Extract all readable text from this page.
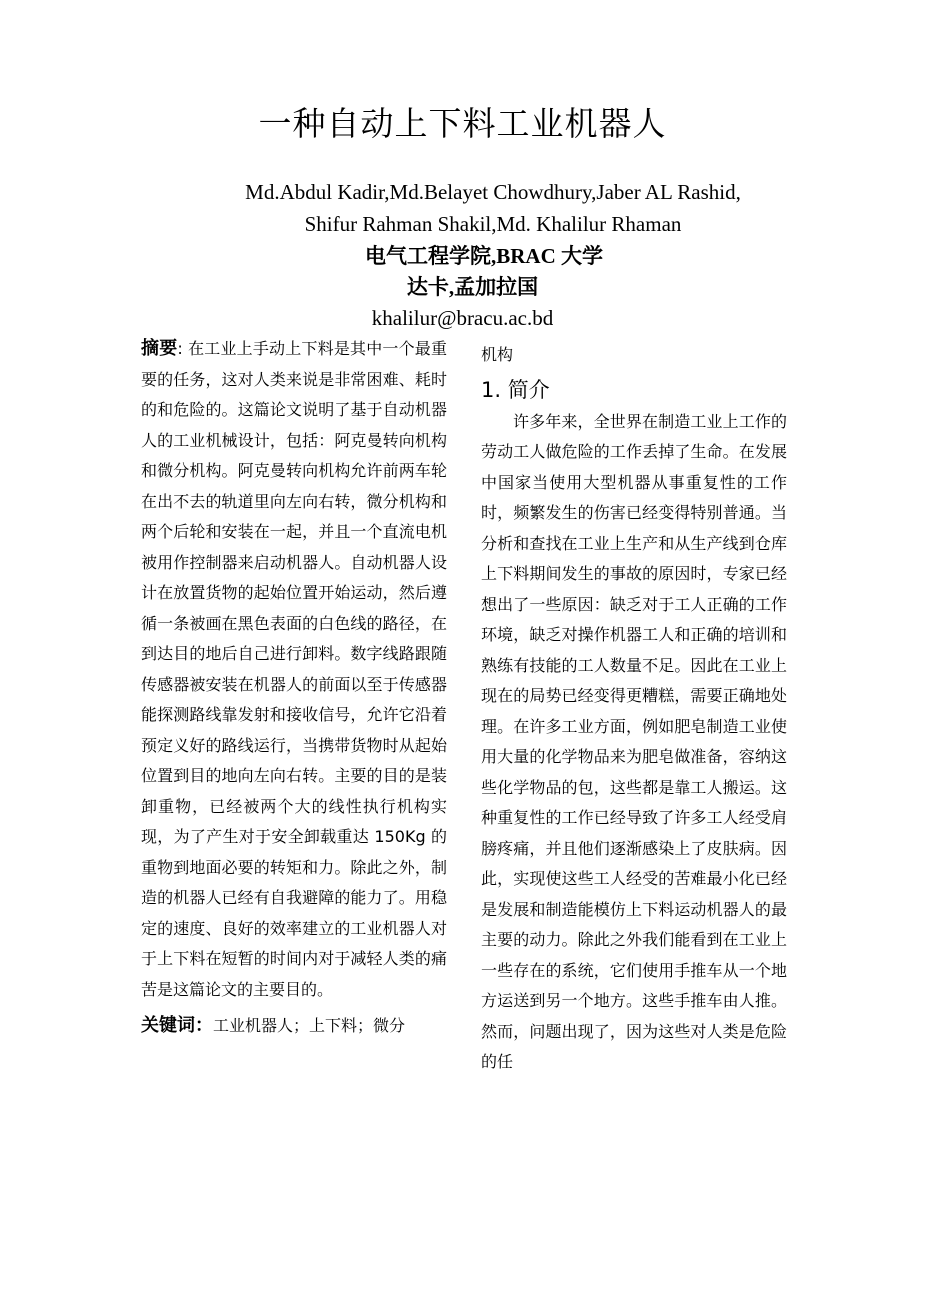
一种自动上下料工业机器人
Md.Abdul Kadir,Md.Belayet Chowdhury,Jaber AL Rashid,
Shifur Rahman Shakil,Md. Khalilur Rhaman
电气工程学院,BRAC 大学
达卡,孟加拉国
khalilur@bracu.ac.bd

摘要: 在工业上手动上下料是其中一个最重要的任务，这对人类来说是非常困难、耗时的和危险的。这篇论文说明了基于自动机器人的工业机械设计，包括：阿克曼转向机构和微分机构。阿克曼转向机构允许前两车轮在出不去的轨道里向左向右转，微分机构和两个后轮和安装在一起，并且一个直流电机被用作控制器来启动机器人。自动机器人设计在放置货物的起始位置开始运动，然后遵循一条被画在黑色表面的白色线的路径，在到达目的地后自己进行卸料。数字线路跟随传感器被安装在机器人的前面以至于传感器能探测路线靠发射和接收信号，允许它沿着预定义好的路线运行，当携带货物时从起始位置到目的地向左向右转。主要的目的是装卸重物，已经被两个大的线性执行机构实现，为了产生对于安全卸载重达 150Kg 的重物到地面必要的转矩和力。除此之外，制造的机器人已经有自我避障的能力了。用稳定的速度、良好的效率建立的工业机器人对于上下料在短暂的时间内对于减轻人类的痛苦是这篇论文的主要目的。

关键词：工业机器人；上下料；微分

机构

1. 简介

许多年来，全世界在制造工业上工作的劳动工人做危险的工作丢掉了生命。在发展中国家当使用大型机器从事重复性的工作时，频繁发生的伤害已经变得特别普通。当分析和查找在工业上生产和从生产线到仓库上下料期间发生的事故的原因时，专家已经想出了一些原因：缺乏对于工人正确的工作环境，缺乏对操作机器工人和正确的培训和熟练有技能的工人数量不足。因此在工业上现在的局势已经变得更糟糕，需要正确地处理。在许多工业方面，例如肥皂制造工业使用大量的化学物品来为肥皂做准备，容纳这些化学物品的包，这些都是靠工人搬运。这种重复性的工作已经导致了许多工人经受肩膀疼痛，并且他们逐渐感染上了皮肤病。因此，实现使这些工人经受的苦难最小化已经是发展和制造能模仿上下料运动机器人的最主要的动力。除此之外我们能看到在工业上一些存在的系统，它们使用手推车从一个地方运送到另一个地方。这些手推车由人推。然而，问题出现了，因为这些对人类是危险的任
